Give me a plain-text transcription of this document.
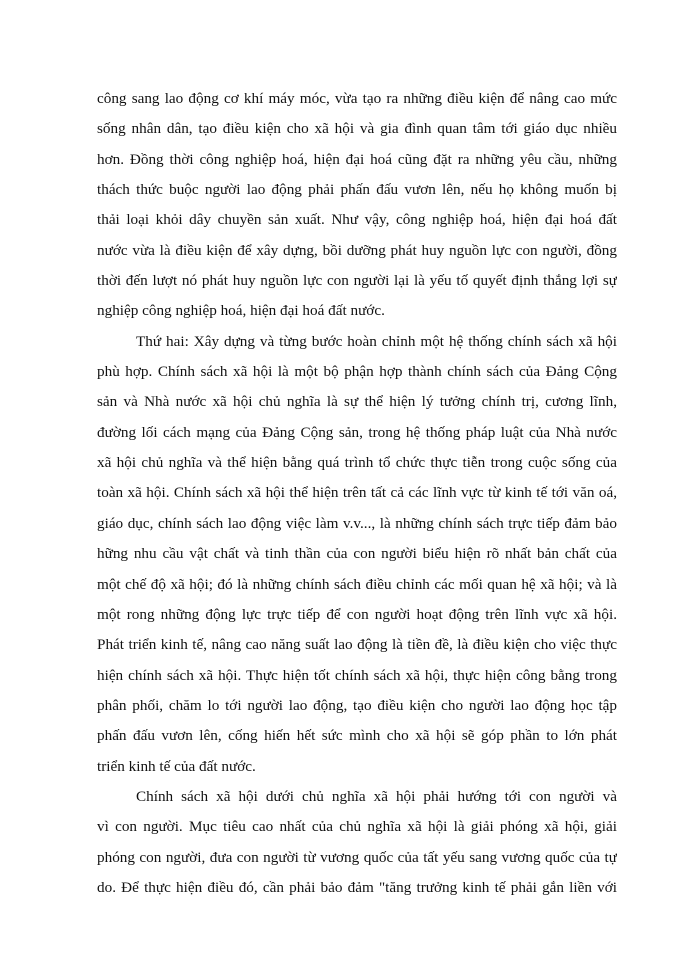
công sang lao động cơ khí máy móc, vừa tạo ra những điều kiện để nâng cao mức
sống nhân dân, tạo điều kiện cho xã hội và gia đình quan tâm tới giáo dục nhiều
hơn. Đồng thời công nghiệp hoá, hiện đại hoá cũng đặt ra những yêu cầu, những
thách thức buộc người lao động phải phấn đấu vươn lên, nếu họ không muốn bị
thải loại khỏi dây chuyền sản xuất. Như vậy, công nghiệp hoá, hiện đại hoá đất
nước vừa là điều kiện để xây dựng, bồi dưỡng phát huy nguồn lực con người, đồng
thời đến lượt nó phát huy nguồn lực con người lại là yếu tố quyết định thắng lợi sự
nghiệp công nghiệp hoá, hiện đại hoá đất nước.
Thứ hai: Xây dựng và từng bước hoàn chỉnh một hệ thống chính sách xã hội
phù hợp. Chính sách xã hội là một bộ phận hợp thành chính sách của Đảng Cộng
sản và Nhà nước xã hội chủ nghĩa là sự thể hiện lý tưởng chính trị, cương lĩnh,
đường lối cách mạng của Đảng Cộng sản, trong hệ thống pháp luật của Nhà nước
xã hội chủ nghĩa và thể hiện bằng quá trình tổ chức thực tiễn trong cuộc sống của
toàn xã hội. Chính sách xã hội thể hiện trên tất cả các lĩnh vực từ kinh tế tới văn oá,
giáo dục, chính sách lao động việc làm v.v..., là những chính sách trực tiếp đảm bảo
hững nhu cầu vật chất và tinh thần của con người biểu hiện rõ nhất bản chất của
một chế độ xã hội; đó là những chính sách điều chỉnh các mối quan hệ xã hội; và là
một rong những động lực trực tiếp để con người hoạt động trên lĩnh vực xã hội.
Phát triển kinh tế, nâng cao năng suất lao động là tiền đề, là điều kiện cho việc thực
hiện chính sách xã hội. Thực hiện tốt chính sách xã hội, thực hiện công bằng trong
phân phối, chăm lo tới người lao động, tạo điều kiện cho người lao động học tập
phấn đấu vươn lên, cống hiến hết sức mình cho xã hội sẽ góp phần to lớn phát
triển kinh tế của đất nước.
Chính sách xã hội dưới chủ nghĩa xã hội phải hướng tới con người và
vì con người. Mục tiêu cao nhất của chủ nghĩa xã hội là giải phóng xã hội, giải
phóng con người, đưa con người từ vương quốc của tất yếu sang vương quốc của tự
do. Để thực hiện điều đó, cần phải bảo đảm "tăng trưởng kinh tế phải gắn liền với
